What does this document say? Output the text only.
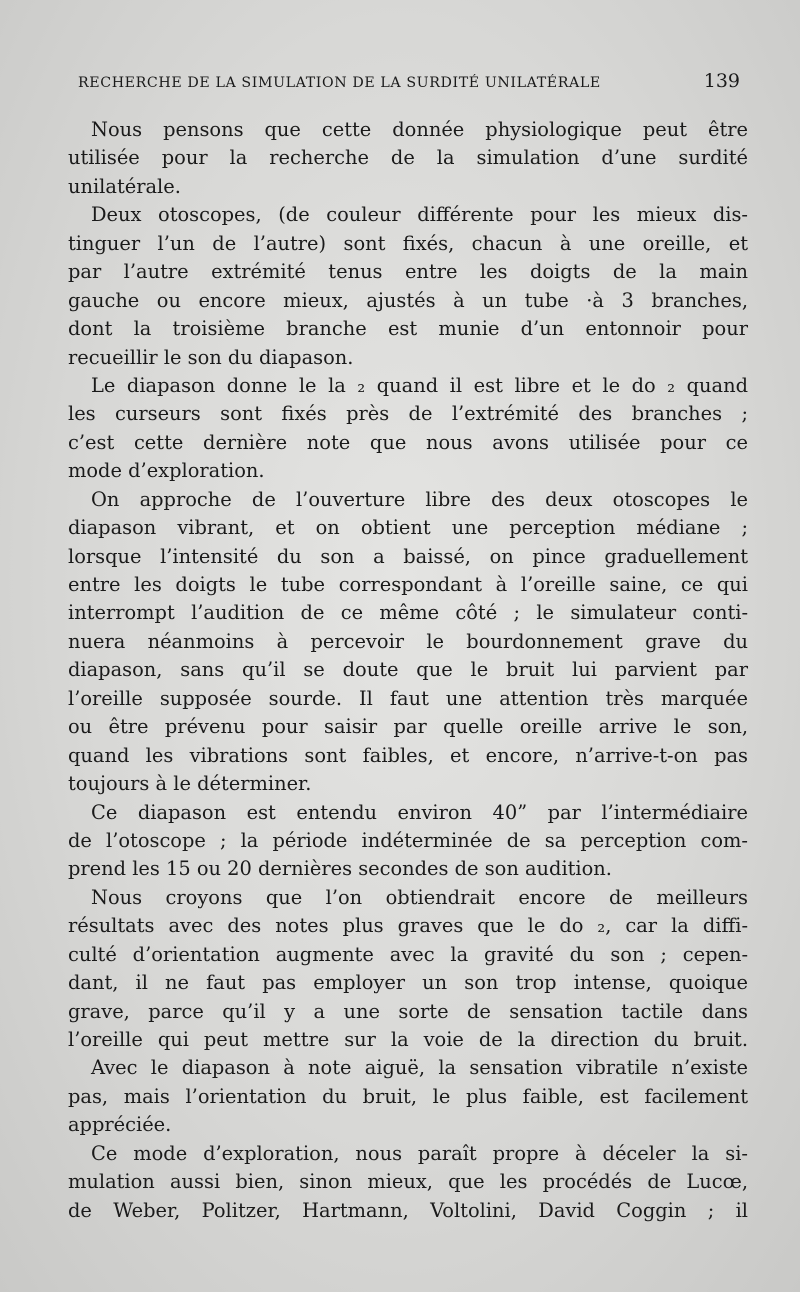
RECHERCHE DE LA SIMULATION DE LA SURDITÉ UNILATÉRALE	139
Nous pensons que cette donnée physiologique peut être
utilisée pour la recherche de la simulation d’une surdité
unilatérale.
Deux otoscopes, (de couleur différente pour les mieux dis-
tinguer l’un de l’autre) sont fixés, chacun à une oreille, et
par l’autre extrémité tenus entre les doigts de la main
gauche ou encore mieux, ajustés à un tube ·à 3 branches,
dont la troisième branche est munie d’un entonnoir pour
recueillir le son du diapason.
Le diapason donne le la ₂ quand il est libre et le do ₂ quand
les curseurs sont fixés près de l’extrémité des branches ;
c’est cette dernière note que nous avons utilisée pour ce
mode d’exploration.
On approche de l’ouverture libre des deux otoscopes le
diapason vibrant, et on obtient une perception médiane ;
lorsque l’intensité du son a baissé, on pince graduellement
entre les doigts le tube correspondant à l’oreille saine, ce qui
interrompt l’audition de ce même côté ; le simulateur conti-
nuera néanmoins à percevoir le bourdonnement grave du
diapason, sans qu’il se doute que le bruit lui parvient par
l’oreille supposée sourde. Il faut une attention très marquée
ou être prévenu pour saisir par quelle oreille arrive le son,
quand les vibrations sont faibles, et encore, n’arrive-t-on pas
toujours à le déterminer.
Ce diapason est entendu environ 40” par l’intermédiaire
de l’otoscope ; la période indéterminée de sa perception com-
prend les 15 ou 20 dernières secondes de son audition.
Nous croyons que l’on obtiendrait encore de meilleurs
résultats avec des notes plus graves que le do ₂, car la diffi-
culté d’orientation augmente avec la gravité du son ; cepen-
dant, il ne faut pas employer un son trop intense, quoique
grave, parce qu’il y a une sorte de sensation tactile dans
l’oreille qui peut mettre sur la voie de la direction du bruit.
Avec le diapason à note aiguë, la sensation vibratile n’existe
pas, mais l’orientation du bruit, le plus faible, est facilement
appréciée.
Ce mode d’exploration, nous paraît propre à déceler la si-
mulation aussi bien, sinon mieux, que les procédés de Lucœ,
de Weber, Politzer, Hartmann, Voltolini, David Coggin ; il
